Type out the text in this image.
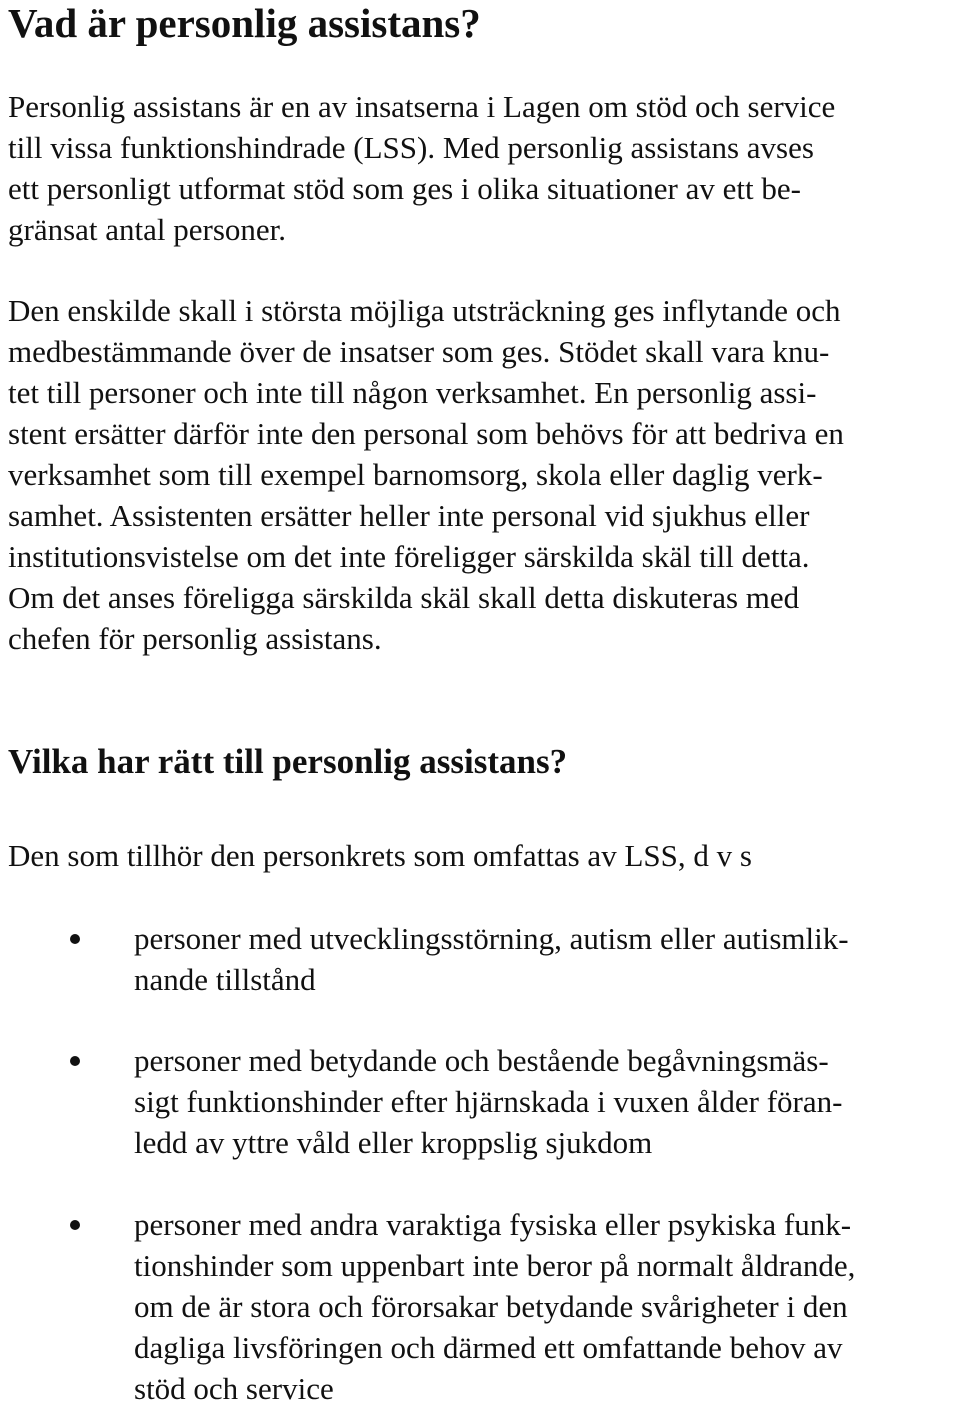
Vad är personlig assistans?

Personlig assistans är en av insatserna i Lagen om stöd och service
till vissa funktionshindrade (LSS). Med personlig assistans avses
ett personligt utformat stöd som ges i olika situationer av ett be-
gränsat antal personer.

Den enskilde skall i största möjliga utsträckning ges inflytande och
medbestämmande över de insatser som ges. Stödet skall vara knu-
tet till personer och inte till någon verksamhet. En personlig assi-
stent ersätter därför inte den personal som behövs för att bedriva en
verksamhet som till exempel barnomsorg, skola eller daglig verk-
samhet. Assistenten ersätter heller inte personal vid sjukhus eller
institutionsvistelse om det inte föreligger särskilda skäl till detta.
Om det anses föreligga särskilda skäl skall detta diskuteras med
chefen för personlig assistans.

Vilka har rätt till personlig assistans?

Den som tillhör den personkrets som omfattas av LSS, d v s

personer med utvecklingsstörning, autism eller autismlik-
nande tillstånd
personer med betydande och bestående begåvningsmäs-
sigt funktionshinder efter hjärnskada i vuxen ålder föran-
ledd av yttre våld eller kroppslig sjukdom
personer med andra varaktiga fysiska eller psykiska funk-
tionshinder som uppenbart inte beror på normalt åldrande,
om de är stora och förorsakar betydande svårigheter i den
dagliga livsföringen och därmed ett omfattande behov av
stöd och service
